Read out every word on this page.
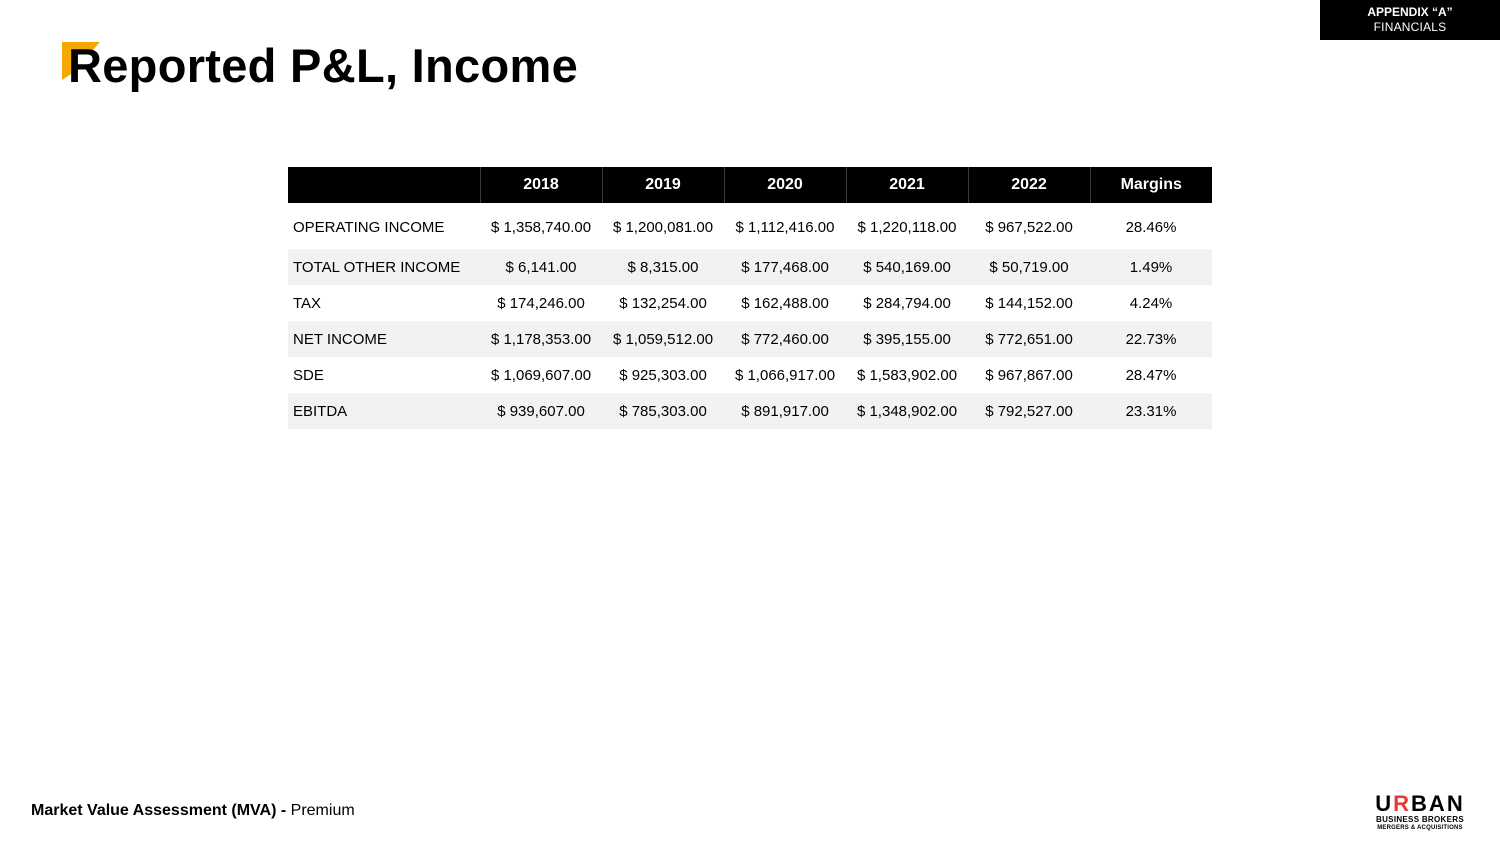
APPENDIX “A”
FINANCIALS
Reported P&L, Income
	2018	2019	2020	2021	2022	Margins
OPERATING INCOME	$ 1,358,740.00	$ 1,200,081.00	$ 1,112,416.00	$ 1,220,118.00	$ 967,522.00	28.46%
TOTAL OTHER INCOME	$ 6,141.00	$ 8,315.00	$ 177,468.00	$ 540,169.00	$ 50,719.00	1.49%
TAX	$ 174,246.00	$ 132,254.00	$ 162,488.00	$ 284,794.00	$ 144,152.00	4.24%
NET INCOME	$ 1,178,353.00	$ 1,059,512.00	$ 772,460.00	$ 395,155.00	$ 772,651.00	22.73%
SDE	$ 1,069,607.00	$ 925,303.00	$ 1,066,917.00	$ 1,583,902.00	$ 967,867.00	28.47%
EBITDA	$ 939,607.00	$ 785,303.00	$ 891,917.00	$ 1,348,902.00	$ 792,527.00	23.31%
Market Value Assessment (MVA) - Premium	URBAN
BUSINESS BROKERS
MERGERS & ACQUISITIONS
